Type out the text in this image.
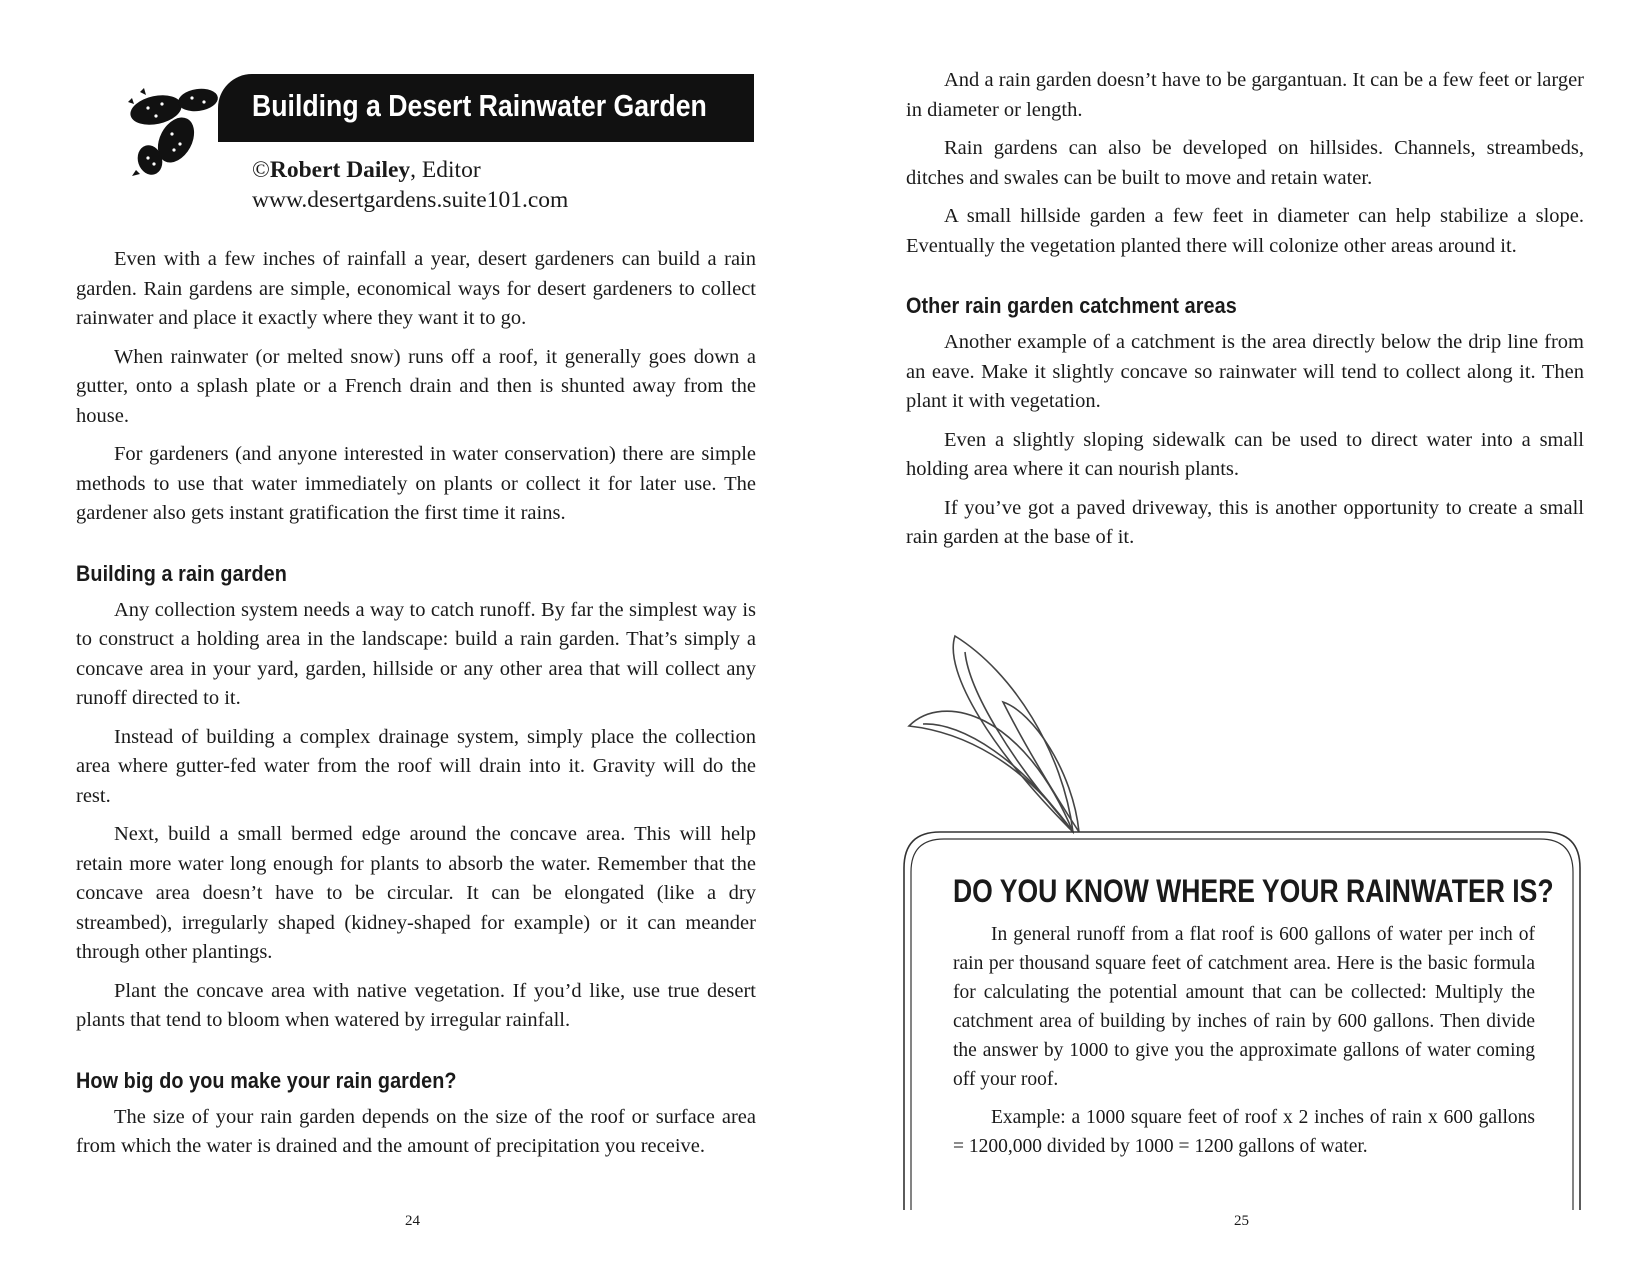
Building a Desert Rainwater Garden
©Robert Dailey, Editor
www.desertgardens.suite101.com

Even with a few inches of rainfall a year, desert gardeners can build a rain garden. Rain gardens are simple, economical ways for desert gardeners to collect rainwater and place it exactly where they want it to go.

When rainwater (or melted snow) runs off a roof, it generally goes down a gutter, onto a splash plate or a French drain and then is shunted away from the house.

For gardeners (and anyone interested in water conservation) there are simple methods to use that water immediately on plants or collect it for later use. The gardener also gets instant gratification the first time it rains.

Building a rain garden

Any collection system needs a way to catch runoff. By far the simplest way is to construct a holding area in the landscape: build a rain garden. That’s simply a concave area in your yard, garden, hillside or any other area that will collect any runoff directed to it.

Instead of building a complex drainage system, simply place the collection area where gutter-fed water from the roof will drain into it. Gravity will do the rest.

Next, build a small bermed edge around the concave area. This will help retain more water long enough for plants to absorb the water. Remember that the concave area doesn’t have to be circular. It can be elongated (like a dry streambed), irregularly shaped (kidney-shaped for example) or it can meander through other plantings.

Plant the concave area with native vegetation. If you’d like, use true desert plants that tend to bloom when watered by irregular rainfall.

How big do you make your rain garden?

The size of your rain garden depends on the size of the roof or surface area from which the water is drained and the amount of precipitation you receive.

24

And a rain garden doesn’t have to be gargantuan. It can be a few feet or larger in diameter or length.

Rain gardens can also be developed on hillsides. Channels, streambeds, ditches and swales can be built to move and retain water.

A small hillside garden a few feet in diameter can help stabilize a slope. Eventually the vegetation planted there will colonize other areas around it.

Other rain garden catchment areas

Another example of a catchment is the area directly below the drip line from an eave. Make it slightly concave so rainwater will tend to collect along it. Then plant it with vegetation.

Even a slightly sloping sidewalk can be used to direct water into a small holding area where it can nourish plants.

If you’ve got a paved driveway, this is another opportunity to create a small rain garden at the base of it.

DO YOU KNOW WHERE YOUR RAINWATER IS?

In general runoff from a flat roof is 600 gallons of water per inch of rain per thousand square feet of catchment area. Here is the basic formula for calculating the potential amount that can be collected: Multiply the catchment area of building by inches of rain by 600 gallons. Then divide the answer by 1000 to give you the approximate gallons of water coming off your roof.

Example: a 1000 square feet of roof x 2 inches of rain x 600 gallons = 1200,000 divided by 1000 = 1200 gallons of water.

25
